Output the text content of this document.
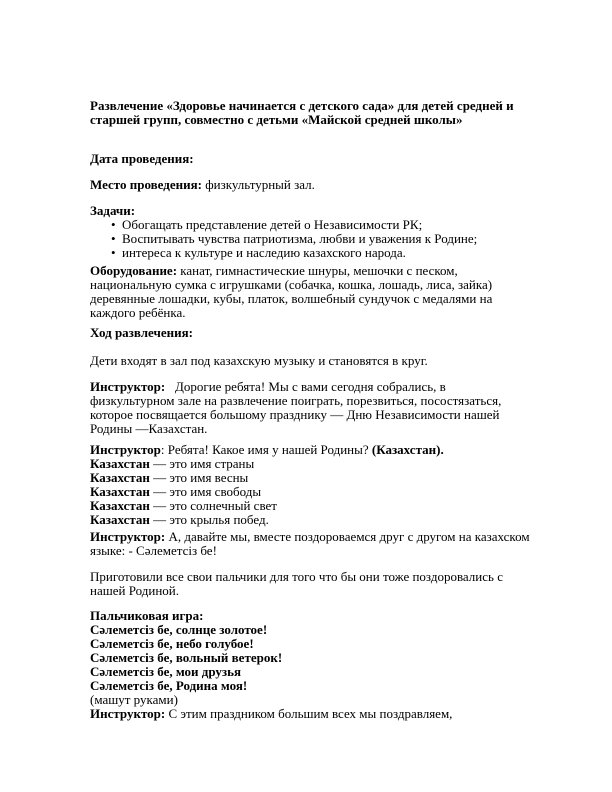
Развлечение «Здоровье начинается с детского сада» для детей средней и старшей групп, совместно с детьми «Майской средней школы»
Дата проведения:
Место проведения: физкультурный зал.
Задачи:
• Обогащать представление детей о Независимости РК;
• Воспитывать чувства патриотизма, любви и уважения к Родине;
• интереса к культуре и наследию казахского народа.
Оборудование: канат, гимнастические шнуры, мешочки с песком, национальную сумка с игрушками (собачка, кошка, лошадь, лиса, зайка) деревянные лошадки, кубы, платок, волшебный сундучок с медалями на каждого ребёнка.
Ход развлечения:
Дети входят в зал под казахскую музыку и становятся в круг.
Инструктор: Дорогие ребята! Мы с вами сегодня собрались, в физкультурном зале на развлечение поиграть, порезвиться, посостязаться, которое посвящается большому празднику — Дню Независимости нашей Родины —Казахстан.
Инструктор: Ребята! Какое имя у нашей Родины? (Казахстан).
Казахстан — это имя страны
Казахстан — это имя весны
Казахстан — это имя свободы
Казахстан — это солнечный свет
Казахстан — это крылья побед.
Инструктор: А, давайте мы, вместе поздороваемся друг с другом на казахском языке: - Сәлеметсіз бе!
Приготовили все свои пальчики для того что бы они тоже поздоровались с нашей Родиной.
Пальчиковая игра:
Сәлеметсіз бе, солнце золотое!
Сәлеметсіз бе, небо голубое!
Сәлеметсіз бе, вольный ветерок!
Сәлеметсіз бе, мои друзья
Сәлеметсіз бе, Родина моя!
(машут руками)
Инструктор: С этим праздником большим всех мы поздравляем,
